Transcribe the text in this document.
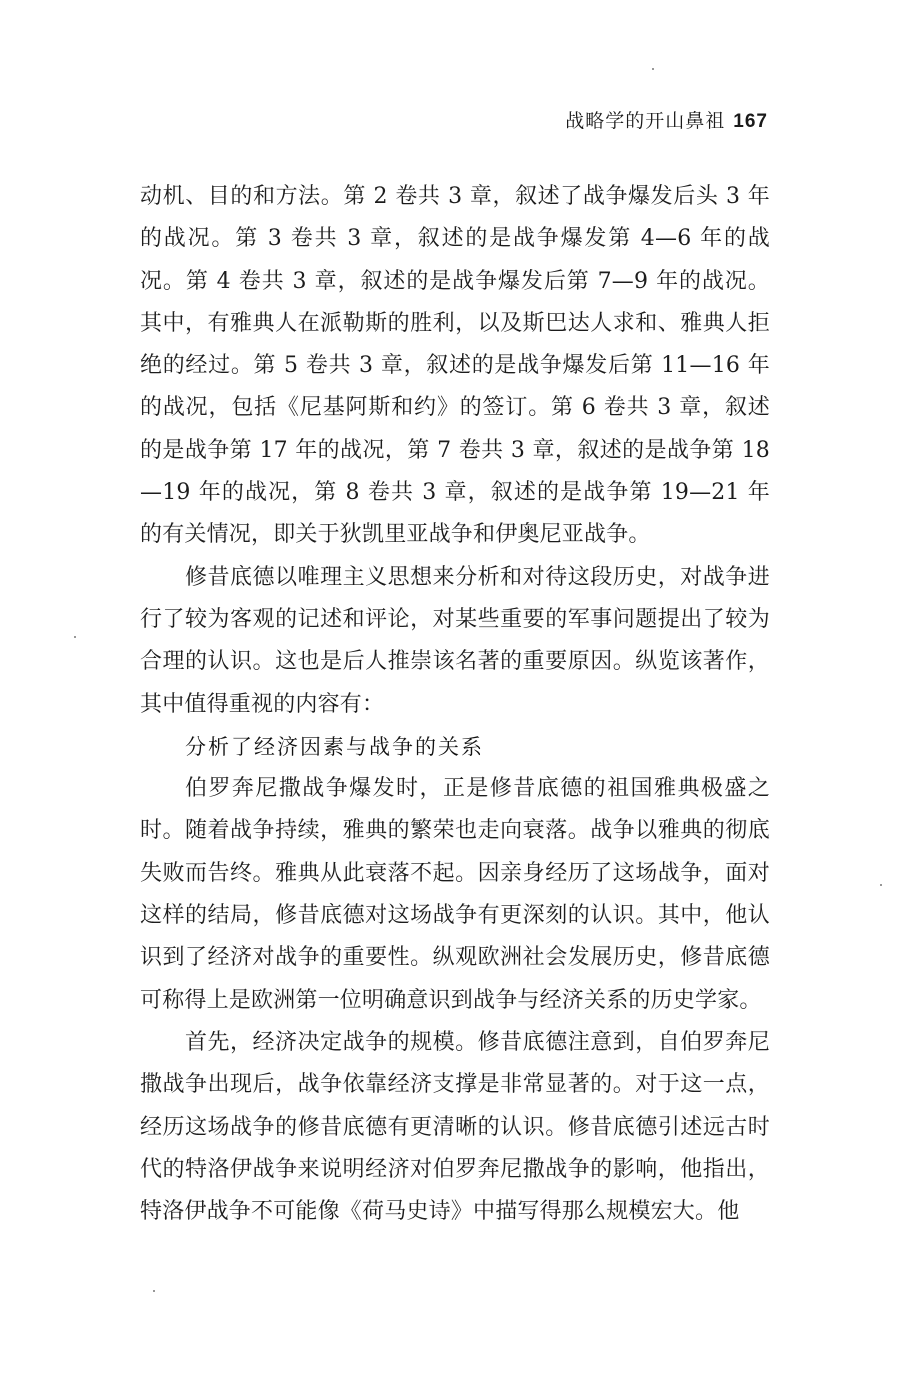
战略学的开山鼻祖 167

动机、目的和方法。第 2 卷共 3 章，叙述了战争爆发后头 3 年的战况。第 3 卷共 3 章，叙述的是战争爆发第 4—6 年的战况。第 4 卷共 3 章，叙述的是战争爆发后第 7—9 年的战况。其中，有雅典人在派勒斯的胜利，以及斯巴达人求和、雅典人拒绝的经过。第 5 卷共 3 章，叙述的是战争爆发后第 11—16 年的战况，包括《尼基阿斯和约》的签订。第 6 卷共 3 章，叙述的是战争第 17 年的战况，第 7 卷共 3 章，叙述的是战争第 18—19 年的战况，第 8 卷共 3 章，叙述的是战争第 19—21 年的有关情况，即关于狄凯里亚战争和伊奥尼亚战争。

修昔底德以唯理主义思想来分析和对待这段历史，对战争进行了较为客观的记述和评论，对某些重要的军事问题提出了较为合理的认识。这也是后人推崇该名著的重要原因。纵览该著作，其中值得重视的内容有：

分析了经济因素与战争的关系

伯罗奔尼撒战争爆发时，正是修昔底德的祖国雅典极盛之时。随着战争持续，雅典的繁荣也走向衰落。战争以雅典的彻底失败而告终。雅典从此衰落不起。因亲身经历了这场战争，面对这样的结局，修昔底德对这场战争有更深刻的认识。其中，他认识到了经济对战争的重要性。纵观欧洲社会发展历史，修昔底德可称得上是欧洲第一位明确意识到战争与经济关系的历史学家。

首先，经济决定战争的规模。修昔底德注意到，自伯罗奔尼撒战争出现后，战争依靠经济支撑是非常显著的。对于这一点，经历这场战争的修昔底德有更清晰的认识。修昔底德引述远古时代的特洛伊战争来说明经济对伯罗奔尼撒战争的影响，他指出，特洛伊战争不可能像《荷马史诗》中描写得那么规模宏大。他
